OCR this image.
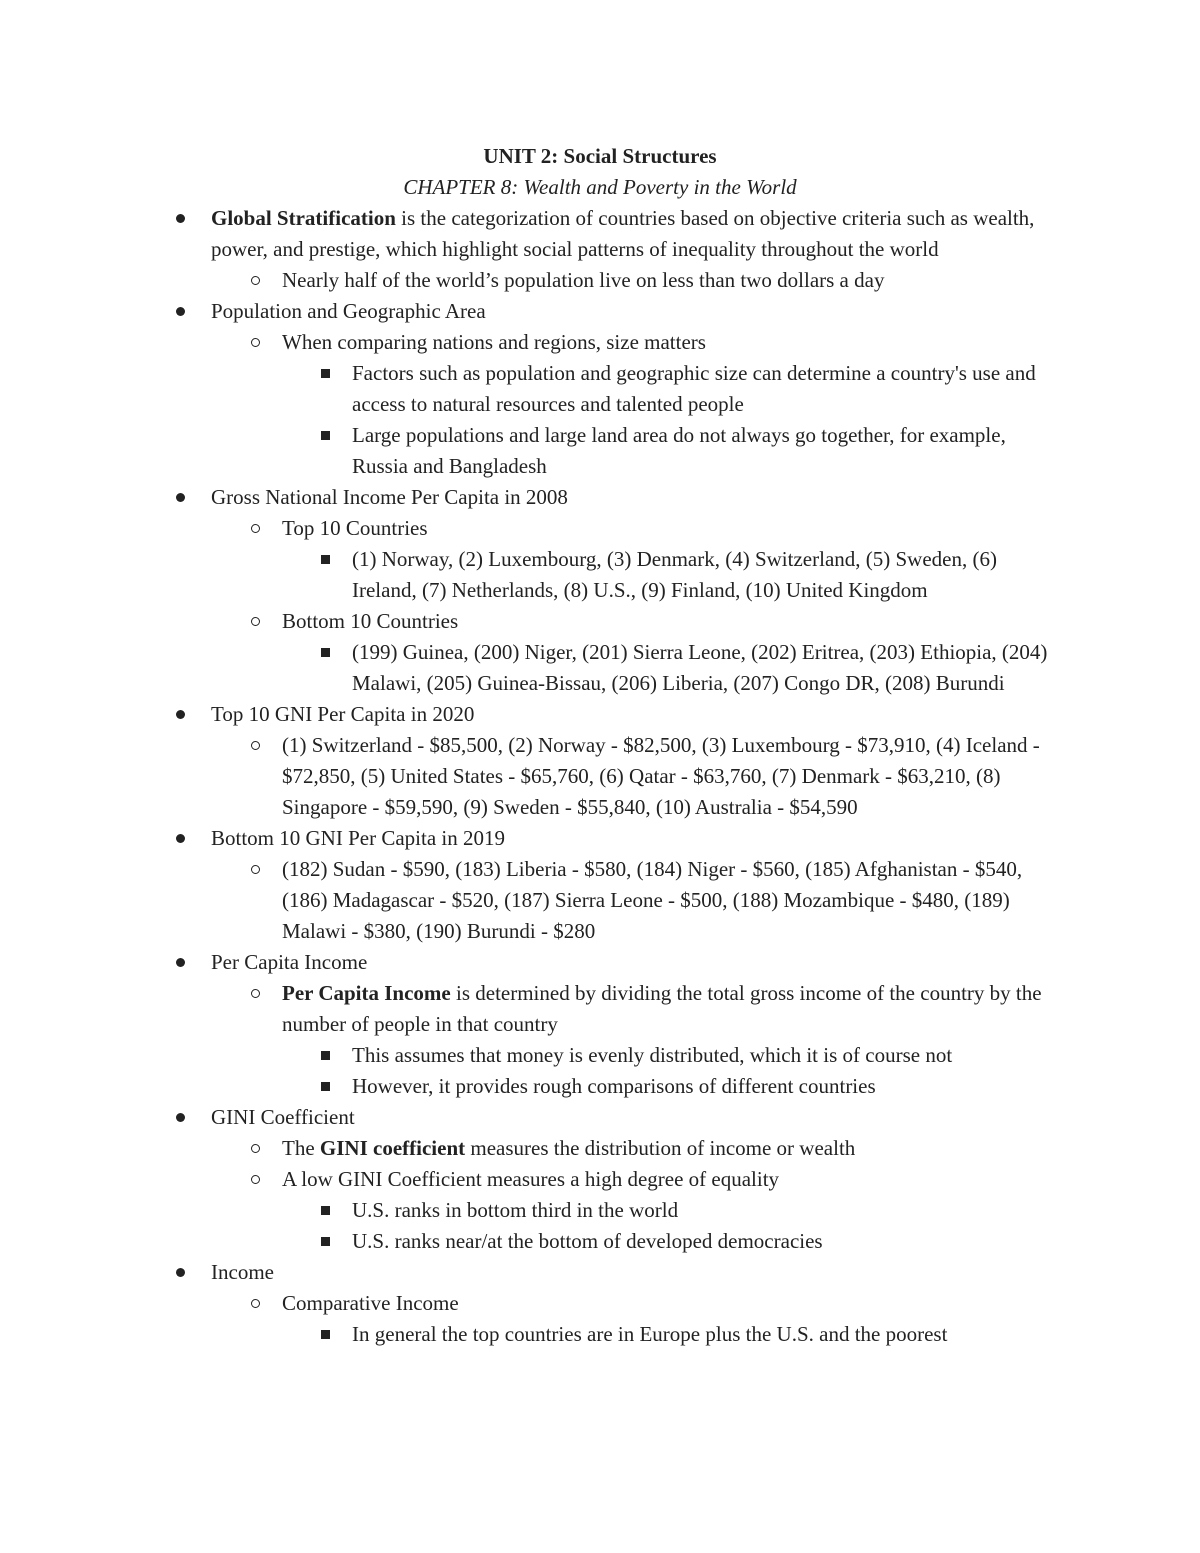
UNIT 2: Social Structures
CHAPTER 8: Wealth and Poverty in the World
Global Stratification is the categorization of countries based on objective criteria such as wealth, power, and prestige, which highlight social patterns of inequality throughout the world
Nearly half of the world’s population live on less than two dollars a day
Population and Geographic Area
When comparing nations and regions, size matters
Factors such as population and geographic size can determine a country's use and access to natural resources and talented people
Large populations and large land area do not always go together, for example, Russia and Bangladesh
Gross National Income Per Capita in 2008
Top 10 Countries
(1) Norway, (2) Luxembourg, (3) Denmark, (4) Switzerland, (5) Sweden, (6) Ireland, (7) Netherlands, (8) U.S., (9) Finland, (10) United Kingdom
Bottom 10 Countries
(199) Guinea, (200) Niger, (201) Sierra Leone, (202) Eritrea, (203) Ethiopia, (204) Malawi, (205) Guinea-Bissau, (206) Liberia, (207) Congo DR, (208) Burundi
Top 10 GNI Per Capita in 2020
(1) Switzerland - $85,500, (2) Norway - $82,500, (3) Luxembourg - $73,910, (4) Iceland - $72,850, (5) United States - $65,760, (6) Qatar - $63,760, (7) Denmark - $63,210, (8) Singapore - $59,590, (9) Sweden - $55,840, (10) Australia - $54,590
Bottom 10 GNI Per Capita in 2019
(182) Sudan - $590, (183) Liberia - $580, (184) Niger - $560, (185) Afghanistan - $540, (186) Madagascar - $520, (187) Sierra Leone - $500, (188) Mozambique - $480, (189) Malawi - $380, (190) Burundi - $280
Per Capita Income
Per Capita Income is determined by dividing the total gross income of the country by the number of people in that country
This assumes that money is evenly distributed, which it is of course not
However, it provides rough comparisons of different countries
GINI Coefficient
The GINI coefficient measures the distribution of income or wealth
A low GINI Coefficient measures a high degree of equality
U.S. ranks in bottom third in the world
U.S. ranks near/at the bottom of developed democracies
Income
Comparative Income
In general the top countries are in Europe plus the U.S. and the poorest
